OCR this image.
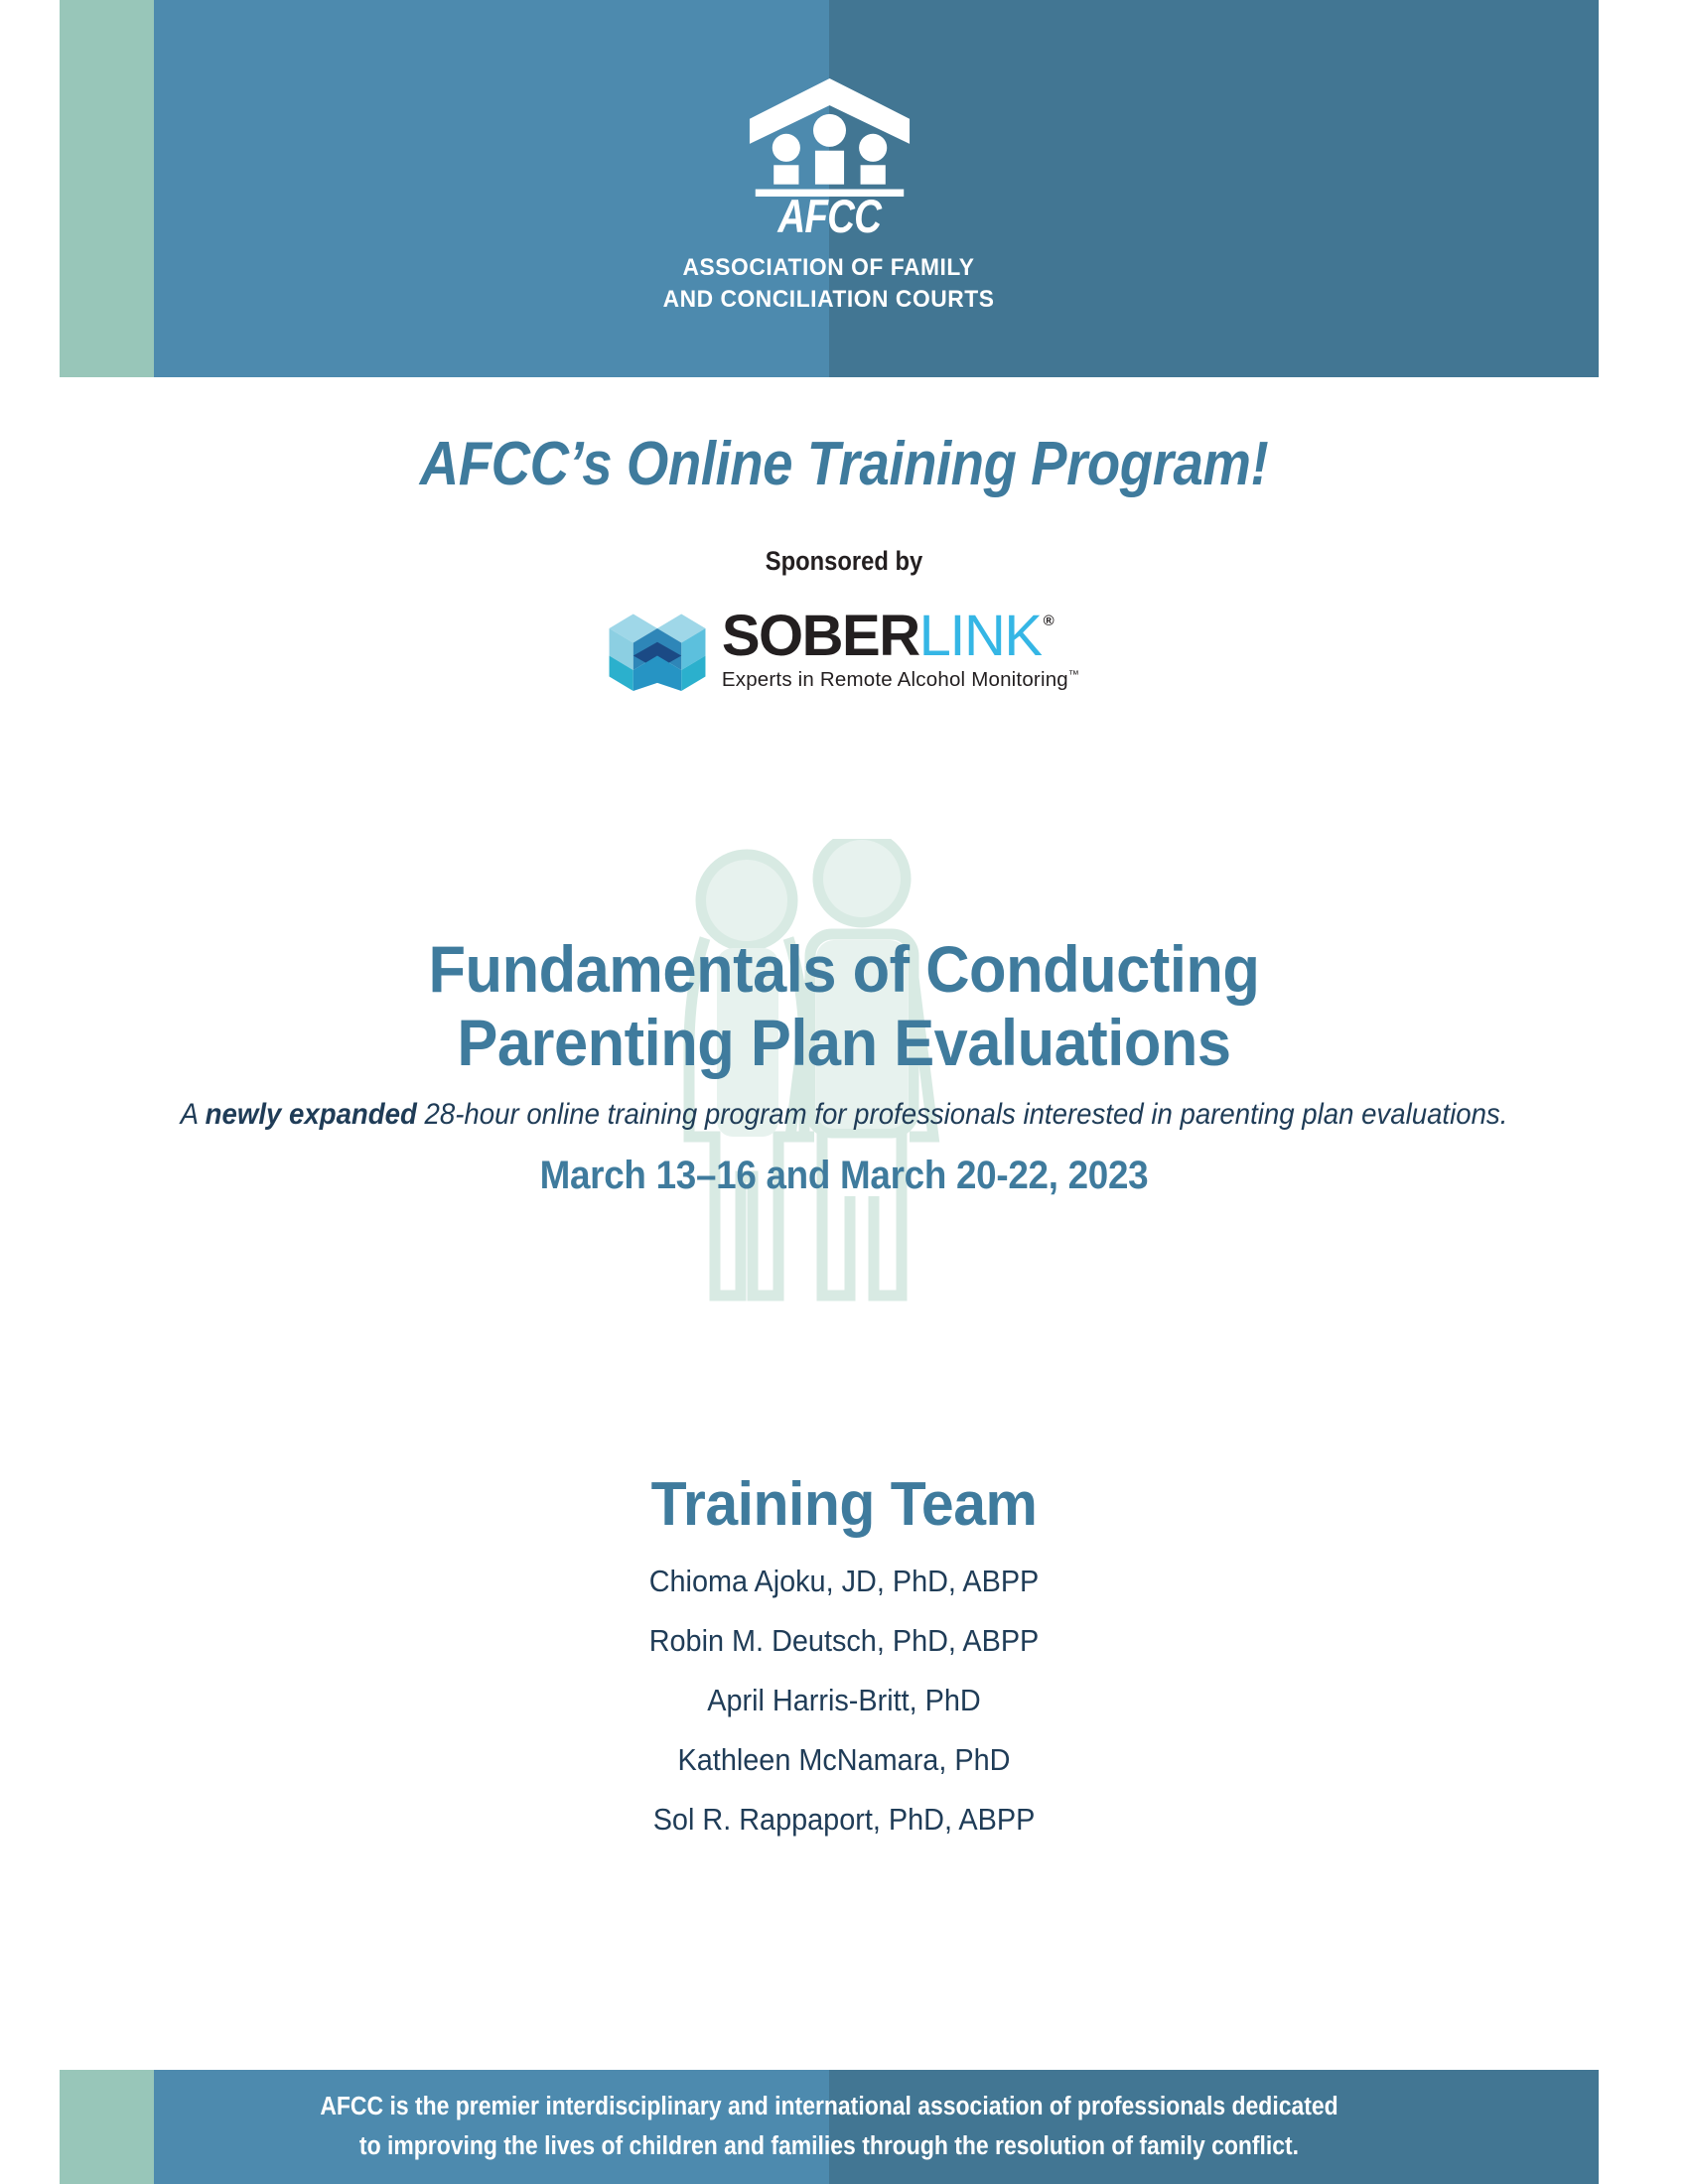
AFCC
ASSOCIATION OF FAMILY
AND CONCILIATION COURTS
AFCC’s Online Training Program!
Sponsored by
SOBER LINK ®
Experts in Remote Alcohol Monitoring™
Fundamentals of Conducting
Parenting Plan Evaluations
A newly expanded 28-hour online training program for professionals interested in parenting plan evaluations.
March 13–16 and March 20-22, 2023
Training Team
Chioma Ajoku, JD, PhD, ABPP
Robin M. Deutsch, PhD, ABPP
April Harris-Britt, PhD
Kathleen McNamara, PhD
Sol R. Rappaport, PhD, ABPP
AFCC is the premier interdisciplinary and international association of professionals dedicated
to improving the lives of children and families through the resolution of family conflict.
